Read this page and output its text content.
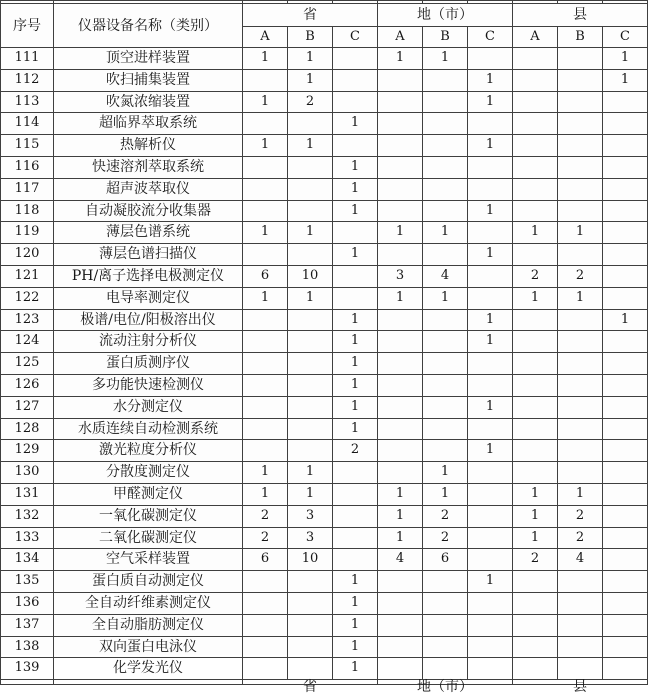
序号	仪器设备名称（类别）	省			地（市）			县		
		A	B	C	A	B	C	A	B	C
111	顶空进样装置	1	1		1	1				1
112	吹扫捕集装置		1				1			1
113	吹氮浓缩装置	1	2				1			
114	超临界萃取系统			1						
115	热解析仪	1	1				1			
116	快速溶剂萃取系统			1						
117	超声波萃取仪			1						
118	自动凝胶流分收集器			1			1			
119	薄层色谱系统	1	1		1	1		1	1	
120	薄层色谱扫描仪			1			1			
121	PH/离子选择电极测定仪	6	10		3	4		2	2	
122	电导率测定仪	1	1		1	1		1	1	
123	极谱/电位/阳极溶出仪			1			1			1
124	流动注射分析仪			1			1			
125	蛋白质测序仪			1						
126	多功能快速检测仪			1						
127	水分测定仪			1			1			
128	水质连续自动检测系统			1						
129	激光粒度分析仪			2			1			
130	分散度测定仪	1	1			1				
131	甲醛测定仪	1	1		1	1		1	1	
132	一氧化碳测定仪	2	3		1	2		1	2	
133	二氧化碳测定仪	2	3		1	2		1	2	
134	空气采样装置	6	10		4	6		2	4	
135	蛋白质自动测定仪			1			1			
136	全自动纤维素测定仪			1						
137	全自动脂肪测定仪			1						
138	双向蛋白电泳仪			1						
139	化学发光仪			1						

		省			地（市）			县		
